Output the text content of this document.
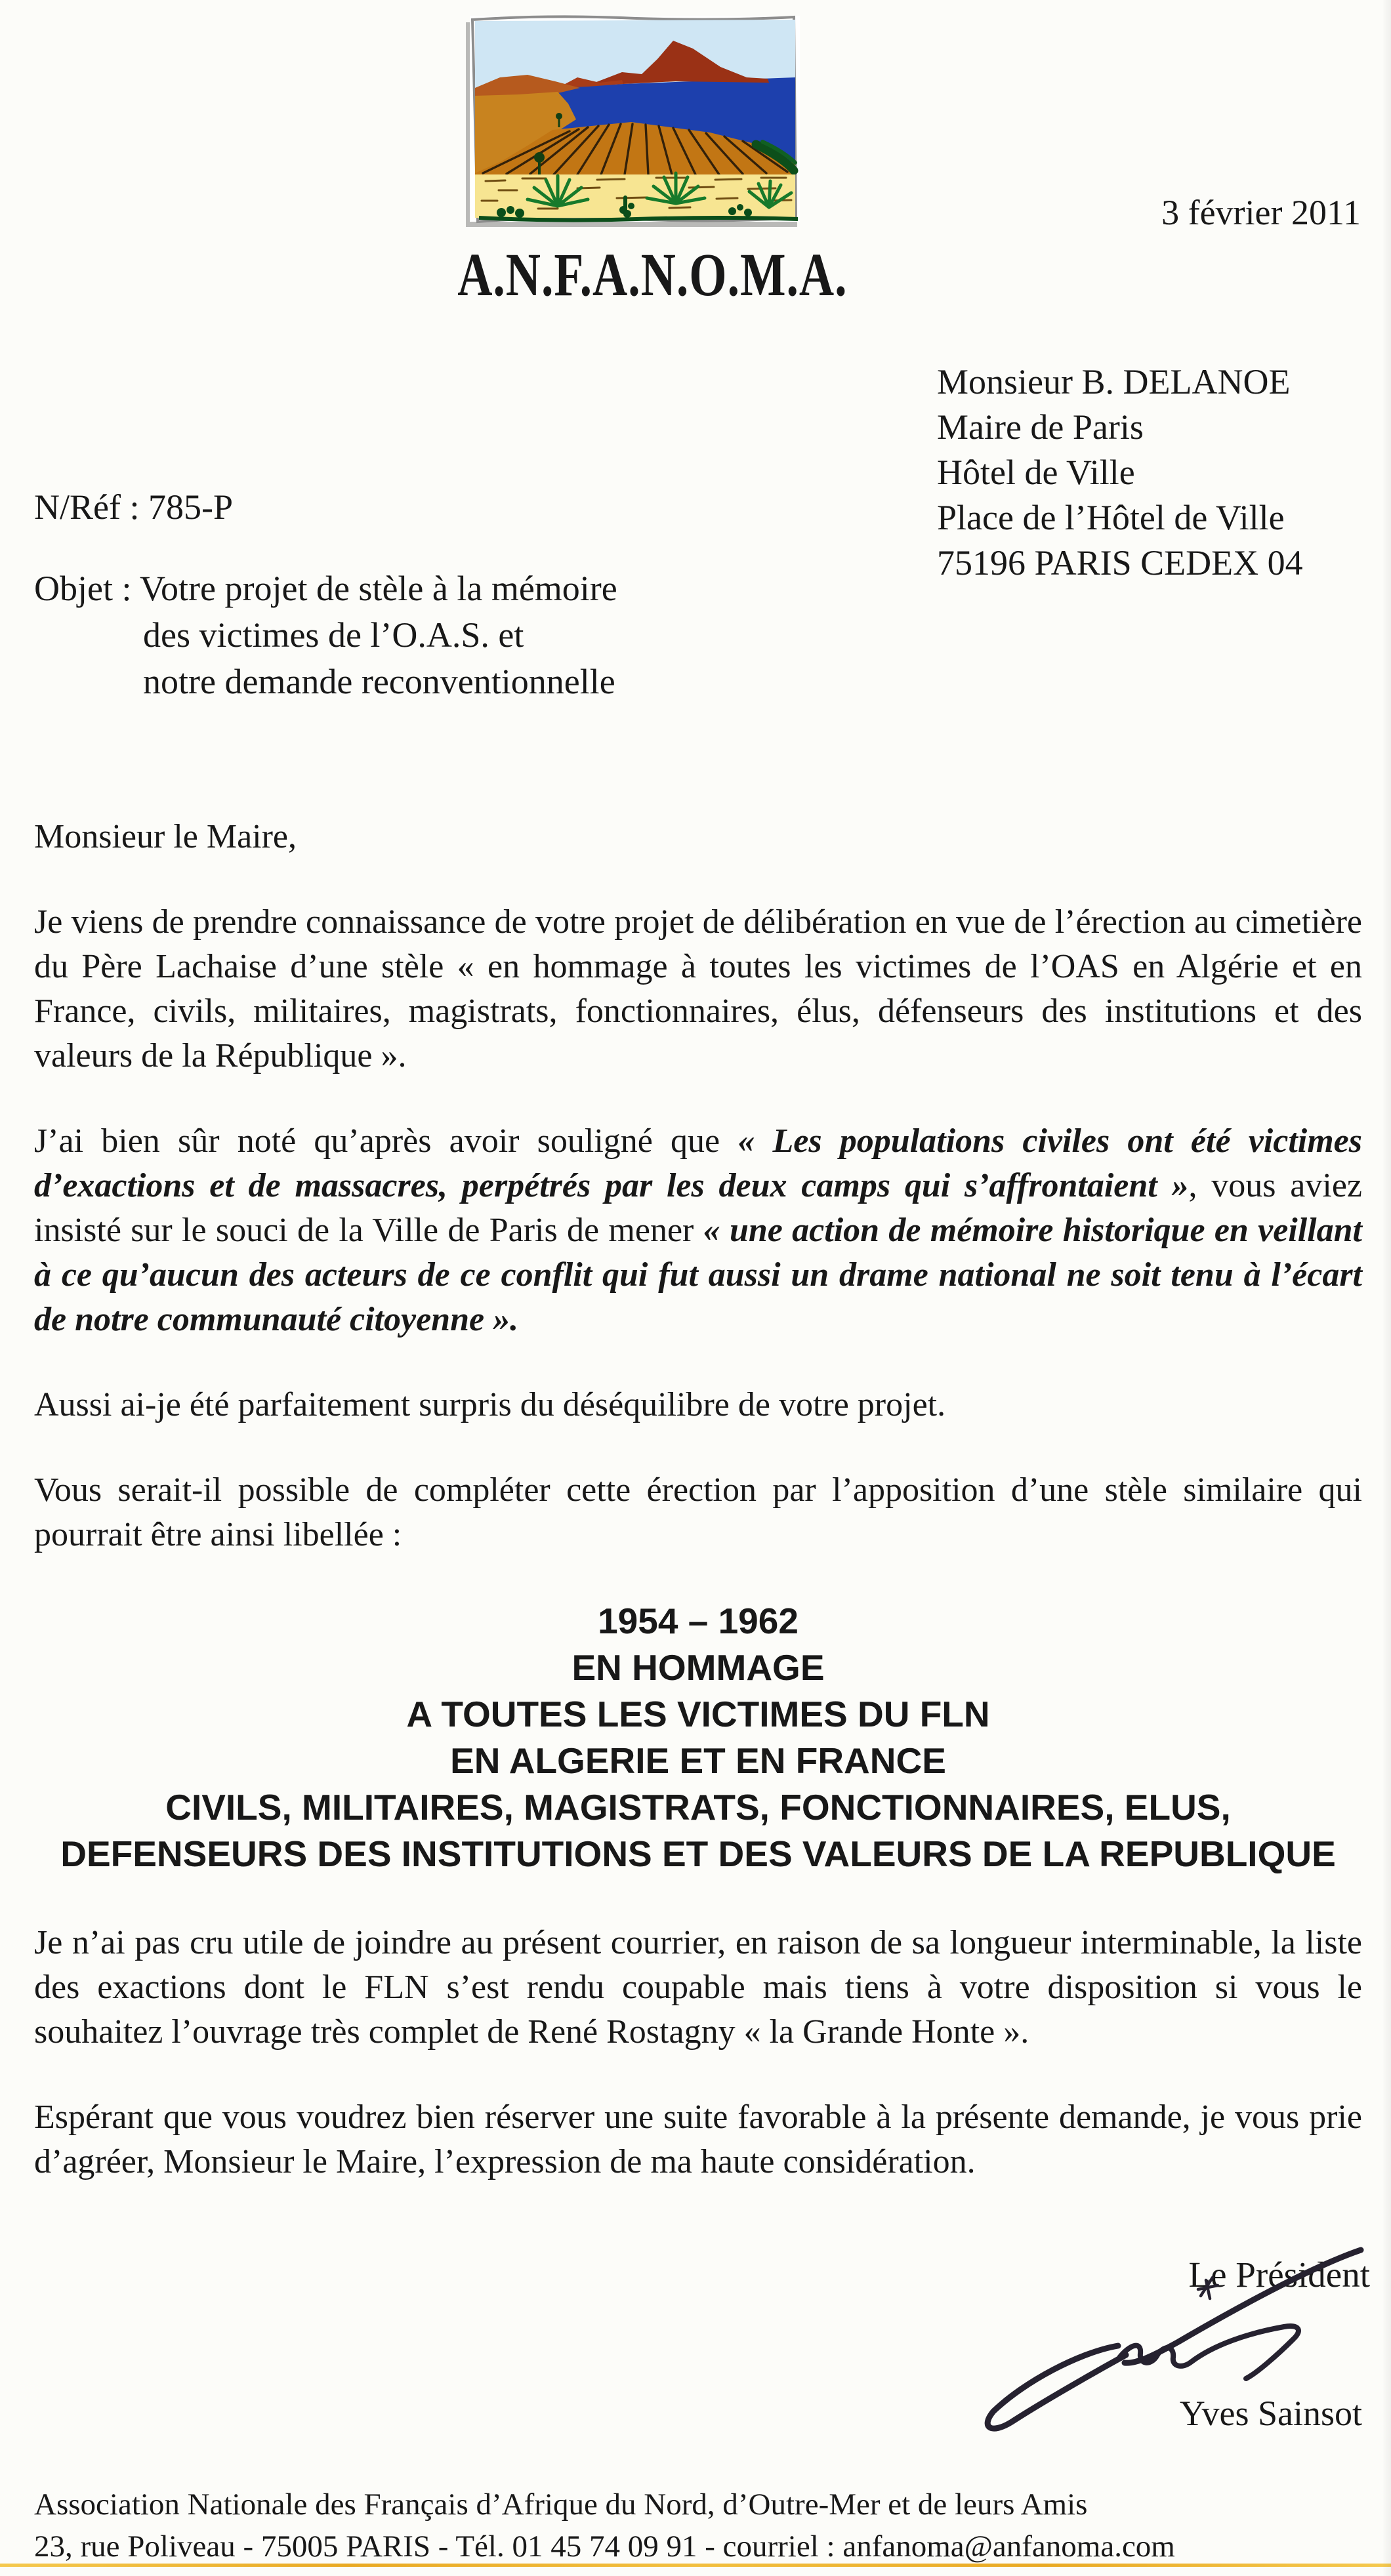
A.N.F.A.N.O.M.A.
3 février 2011
Monsieur B. DELANOE
Maire de Paris
Hôtel de Ville
Place de l’Hôtel de Ville
75196 PARIS CEDEX 04
N/Réf : 785-P
Objet : Votre projet de stèle à la mémoire
des victimes de l’O.A.S. et
notre demande reconventionnelle
Monsieur le Maire,

Je viens de prendre connaissance de votre projet de délibération en vue de l’érection au cimetière du Père Lachaise d’une stèle « en hommage à toutes les victimes de l’OAS en Algérie et en France, civils, militaires, magistrats, fonctionnaires, élus, défenseurs des institutions et des valeurs de la République ».

J’ai bien sûr noté qu’après avoir souligné que « Les populations civiles ont été victimes d’exactions et de massacres, perpétrés par les deux camps qui s’affrontaient », vous aviez insisté sur le souci de la Ville de Paris de mener « une action de mémoire historique en veillant à ce qu’aucun des acteurs de ce conflit qui fut aussi un drame national ne soit tenu à l’écart de notre communauté citoyenne ».

Aussi ai-je été parfaitement surpris du déséquilibre de votre projet.

Vous serait-il possible de compléter cette érection par l’apposition d’une stèle similaire qui pourrait être ainsi libellée :

1954 – 1962
EN HOMMAGE
A TOUTES LES VICTIMES DU FLN
EN ALGERIE ET EN FRANCE
CIVILS, MILITAIRES, MAGISTRATS, FONCTIONNAIRES, ELUS,
DEFENSEURS DES INSTITUTIONS ET DES VALEURS DE LA REPUBLIQUE

Je n’ai pas cru utile de joindre au présent courrier, en raison de sa longueur interminable, la liste des exactions dont le FLN s’est rendu coupable mais tiens à votre disposition si vous le souhaitez l’ouvrage très complet de René Rostagny « la Grande Honte ».

Espérant que vous voudrez bien réserver une suite favorable à la présente demande, je vous prie d’agréer, Monsieur le Maire, l’expression de ma haute considération.

Le Président
Yves Sainsot
Association Nationale des Français d’Afrique du Nord, d’Outre-Mer et de leurs Amis
23, rue Poliveau - 75005 PARIS - Tél. 01 45 74 09 91 - courriel : anfanoma@anfanoma.com
